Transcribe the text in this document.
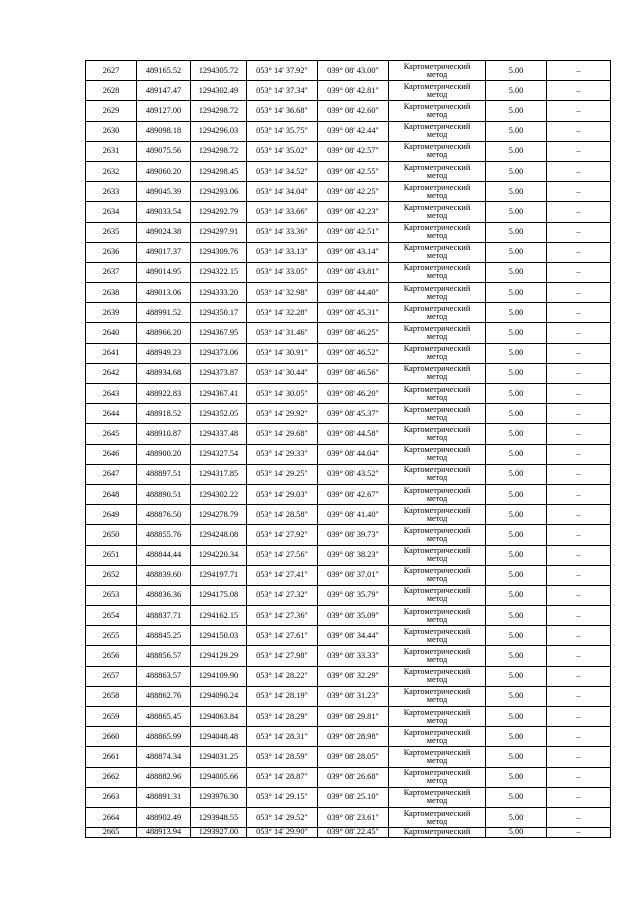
2627	489165.52	1294305.72	053° 14' 37.92"	039° 08' 43.00"	Картометрический
метод	5.00	–
2628	489147.47	1294302.49	053° 14' 37.34"	039° 08' 42.81"	Картометрический
метод	5.00	–
2629	489127.00	1294298.72	053° 14' 36.68"	039° 08' 42.60"	Картометрический
метод	5.00	–
2630	489098.18	1294296.03	053° 14' 35.75"	039° 08' 42.44"	Картометрический
метод	5.00	–
2631	489075.56	1294298.72	053° 14' 35.02"	039° 08' 42.57"	Картометрический
метод	5.00	–
2632	489060.20	1294298.45	053° 14' 34.52"	039° 08' 42.55"	Картометрический
метод	5.00	–
2633	489045.39	1294293.06	053° 14' 34.04"	039° 08' 42.25"	Картометрический
метод	5.00	–
2634	489033.54	1294292.79	053° 14' 33.66"	039° 08' 42.23"	Картометрический
метод	5.00	–
2635	489024.38	1294297.91	053° 14' 33.36"	039° 08' 42.51"	Картометрический
метод	5.00	–
2636	489017.37	1294309.76	053° 14' 33.13"	039° 08' 43.14"	Картометрический
метод	5.00	–
2637	489014.95	1294322.15	053° 14' 33.05"	039° 08' 43.81"	Картометрический
метод	5.00	–
2638	489013.06	1294333.20	053° 14' 32.98"	039° 08' 44.40"	Картометрический
метод	5.00	–
2639	488991.52	1294350.17	053° 14' 32.28"	039° 08' 45.31"	Картометрический
метод	5.00	–
2640	488966.20	1294367.95	053° 14' 31.46"	039° 08' 46.25"	Картометрический
метод	5.00	–
2641	488949.23	1294373.06	053° 14' 30.91"	039° 08' 46.52"	Картометрический
метод	5.00	–
2642	488934.68	1294373.87	053° 14' 30.44"	039° 08' 46.56"	Картометрический
метод	5.00	–
2643	488922.83	1294367.41	053° 14' 30.05"	039° 08' 46.20"	Картометрический
метод	5.00	–
2644	488918.52	1294352.05	053° 14' 29.92"	039° 08' 45.37"	Картометрический
метод	5.00	–
2645	488910.87	1294337.48	053° 14' 29.68"	039° 08' 44.58"	Картометрический
метод	5.00	–
2646	488900.20	1294327.54	053° 14' 29.33"	039° 08' 44.04"	Картометрический
метод	5.00	–
2647	488897.51	1294317.85	053° 14' 29.25"	039° 08' 43.52"	Картометрический
метод	5.00	–
2648	488890.51	1294302.22	053° 14' 29.03"	039° 08' 42.67"	Картометрический
метод	5.00	–
2649	488876.50	1294278.79	053° 14' 28.58"	039° 08' 41.40"	Картометрический
метод	5.00	–
2650	488855.76	1294248.08	053° 14' 27.92"	039° 08' 39.73"	Картометрический
метод	5.00	–
2651	488844.44	1294220.34	053° 14' 27.56"	039° 08' 38.23"	Картометрический
метод	5.00	–
2652	488839.60	1294197.71	053° 14' 27.41"	039° 08' 37.01"	Картометрический
метод	5.00	–
2653	488836.36	1294175.08	053° 14' 27.32"	039° 08' 35.79"	Картометрический
метод	5.00	–
2654	488837.71	1294162.15	053° 14' 27.36"	039° 08' 35.09"	Картометрический
метод	5.00	–
2655	488845.25	1294150.03	053° 14' 27.61"	039° 08' 34.44"	Картометрический
метод	5.00	–
2656	488856.57	1294129.29	053° 14' 27.98"	039° 08' 33.33"	Картометрический
метод	5.00	–
2657	488863.57	1294109.90	053° 14' 28.22"	039° 08' 32.29"	Картометрический
метод	5.00	–
2658	488862.76	1294090.24	053° 14' 28.19"	039° 08' 31.23"	Картометрический
метод	5.00	–
2659	488865.45	1294063.84	053° 14' 28.29"	039° 08' 29.81"	Картометрический
метод	5.00	–
2660	488865.99	1294048.48	053° 14' 28.31"	039° 08' 28.98"	Картометрический
метод	5.00	–
2661	488874.34	1294031.25	053° 14' 28.59"	039° 08' 28.05"	Картометрический
метод	5.00	–
2662	488882.96	1294005.66	053° 14' 28.87"	039° 08' 26.68"	Картометрический
метод	5.00	–
2663	488891.31	1293976.30	053° 14' 29.15"	039° 08' 25.10"	Картометрический
метод	5.00	–
2664	488902.49	1293948.55	053° 14' 29.52"	039° 08' 23.61"	Картометрический
метод	5.00	–
2665	488913.94	1293927.00	053° 14' 29.90"	039° 08' 22.45"	Картометрический	5.00	–
